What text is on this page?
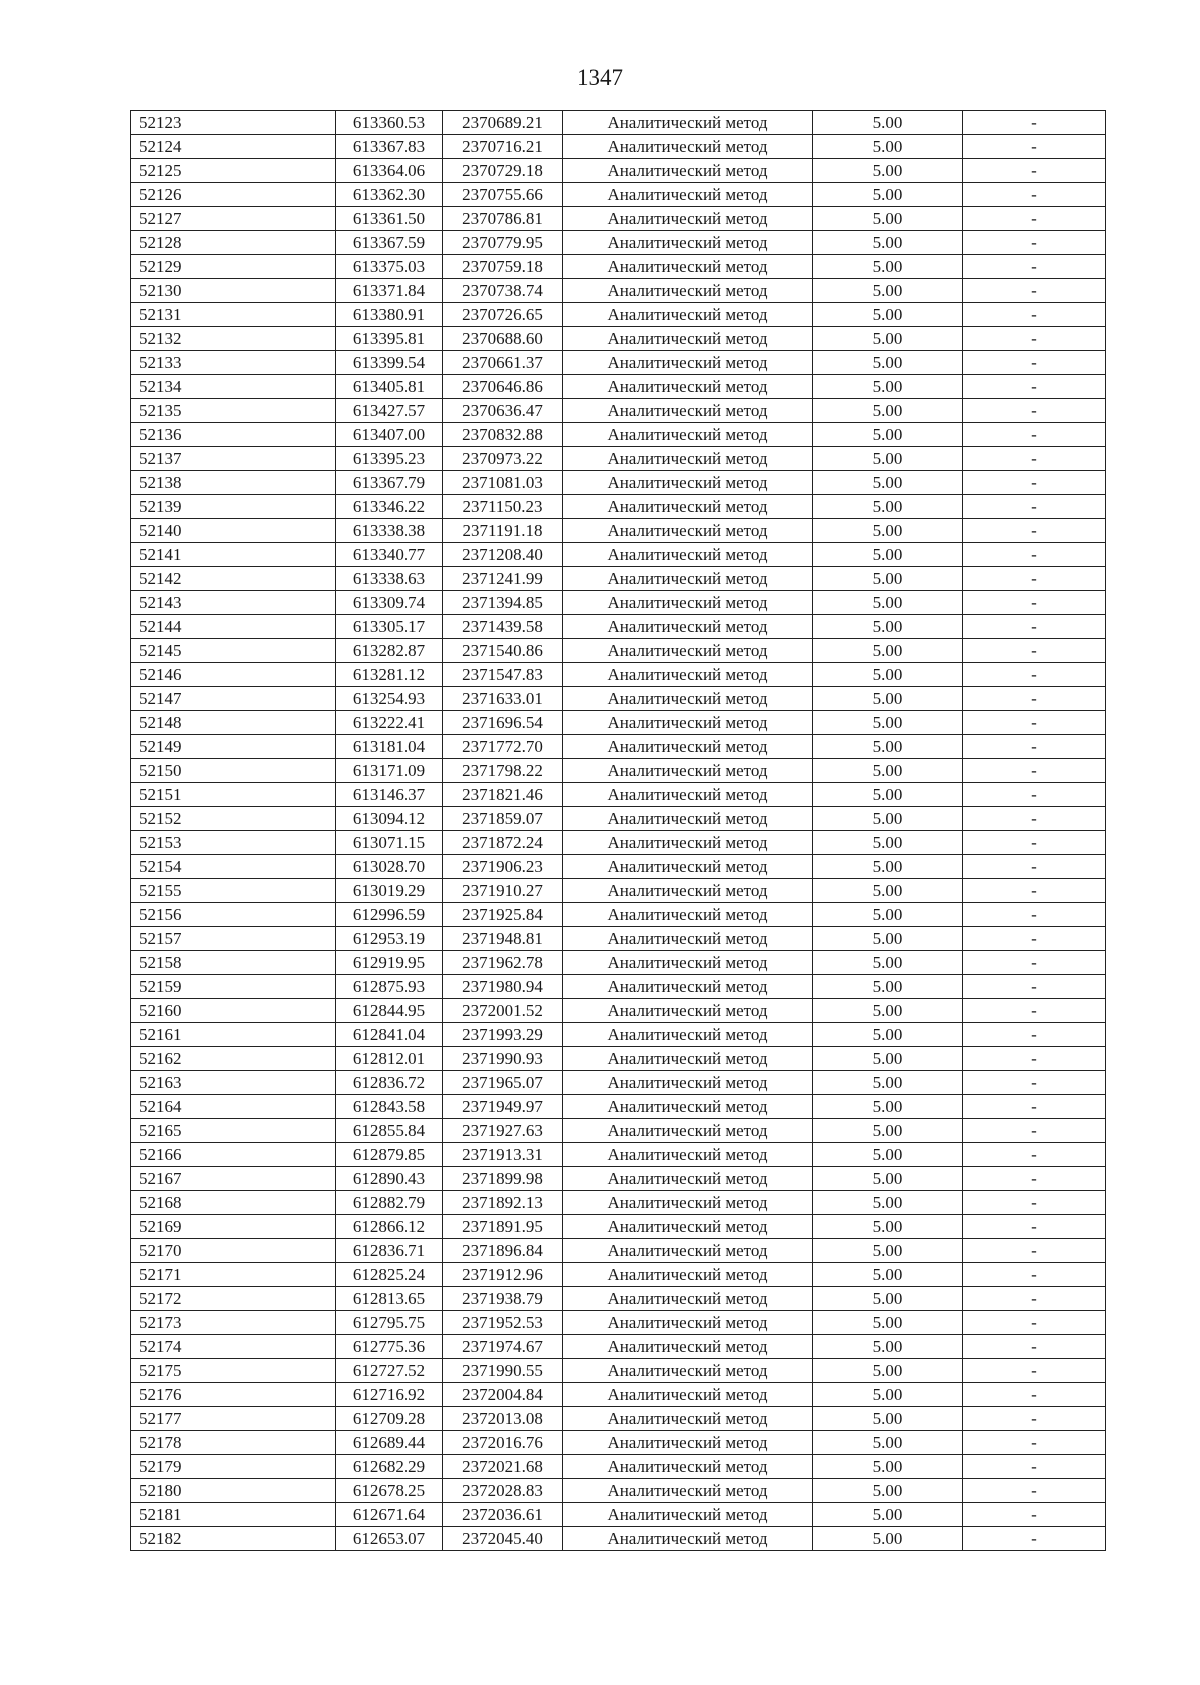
1347
52123	613360.53	2370689.21	Аналитический метод	5.00	-
52124	613367.83	2370716.21	Аналитический метод	5.00	-
52125	613364.06	2370729.18	Аналитический метод	5.00	-
52126	613362.30	2370755.66	Аналитический метод	5.00	-
52127	613361.50	2370786.81	Аналитический метод	5.00	-
52128	613367.59	2370779.95	Аналитический метод	5.00	-
52129	613375.03	2370759.18	Аналитический метод	5.00	-
52130	613371.84	2370738.74	Аналитический метод	5.00	-
52131	613380.91	2370726.65	Аналитический метод	5.00	-
52132	613395.81	2370688.60	Аналитический метод	5.00	-
52133	613399.54	2370661.37	Аналитический метод	5.00	-
52134	613405.81	2370646.86	Аналитический метод	5.00	-
52135	613427.57	2370636.47	Аналитический метод	5.00	-
52136	613407.00	2370832.88	Аналитический метод	5.00	-
52137	613395.23	2370973.22	Аналитический метод	5.00	-
52138	613367.79	2371081.03	Аналитический метод	5.00	-
52139	613346.22	2371150.23	Аналитический метод	5.00	-
52140	613338.38	2371191.18	Аналитический метод	5.00	-
52141	613340.77	2371208.40	Аналитический метод	5.00	-
52142	613338.63	2371241.99	Аналитический метод	5.00	-
52143	613309.74	2371394.85	Аналитический метод	5.00	-
52144	613305.17	2371439.58	Аналитический метод	5.00	-
52145	613282.87	2371540.86	Аналитический метод	5.00	-
52146	613281.12	2371547.83	Аналитический метод	5.00	-
52147	613254.93	2371633.01	Аналитический метод	5.00	-
52148	613222.41	2371696.54	Аналитический метод	5.00	-
52149	613181.04	2371772.70	Аналитический метод	5.00	-
52150	613171.09	2371798.22	Аналитический метод	5.00	-
52151	613146.37	2371821.46	Аналитический метод	5.00	-
52152	613094.12	2371859.07	Аналитический метод	5.00	-
52153	613071.15	2371872.24	Аналитический метод	5.00	-
52154	613028.70	2371906.23	Аналитический метод	5.00	-
52155	613019.29	2371910.27	Аналитический метод	5.00	-
52156	612996.59	2371925.84	Аналитический метод	5.00	-
52157	612953.19	2371948.81	Аналитический метод	5.00	-
52158	612919.95	2371962.78	Аналитический метод	5.00	-
52159	612875.93	2371980.94	Аналитический метод	5.00	-
52160	612844.95	2372001.52	Аналитический метод	5.00	-
52161	612841.04	2371993.29	Аналитический метод	5.00	-
52162	612812.01	2371990.93	Аналитический метод	5.00	-
52163	612836.72	2371965.07	Аналитический метод	5.00	-
52164	612843.58	2371949.97	Аналитический метод	5.00	-
52165	612855.84	2371927.63	Аналитический метод	5.00	-
52166	612879.85	2371913.31	Аналитический метод	5.00	-
52167	612890.43	2371899.98	Аналитический метод	5.00	-
52168	612882.79	2371892.13	Аналитический метод	5.00	-
52169	612866.12	2371891.95	Аналитический метод	5.00	-
52170	612836.71	2371896.84	Аналитический метод	5.00	-
52171	612825.24	2371912.96	Аналитический метод	5.00	-
52172	612813.65	2371938.79	Аналитический метод	5.00	-
52173	612795.75	2371952.53	Аналитический метод	5.00	-
52174	612775.36	2371974.67	Аналитический метод	5.00	-
52175	612727.52	2371990.55	Аналитический метод	5.00	-
52176	612716.92	2372004.84	Аналитический метод	5.00	-
52177	612709.28	2372013.08	Аналитический метод	5.00	-
52178	612689.44	2372016.76	Аналитический метод	5.00	-
52179	612682.29	2372021.68	Аналитический метод	5.00	-
52180	612678.25	2372028.83	Аналитический метод	5.00	-
52181	612671.64	2372036.61	Аналитический метод	5.00	-
52182	612653.07	2372045.40	Аналитический метод	5.00	-
